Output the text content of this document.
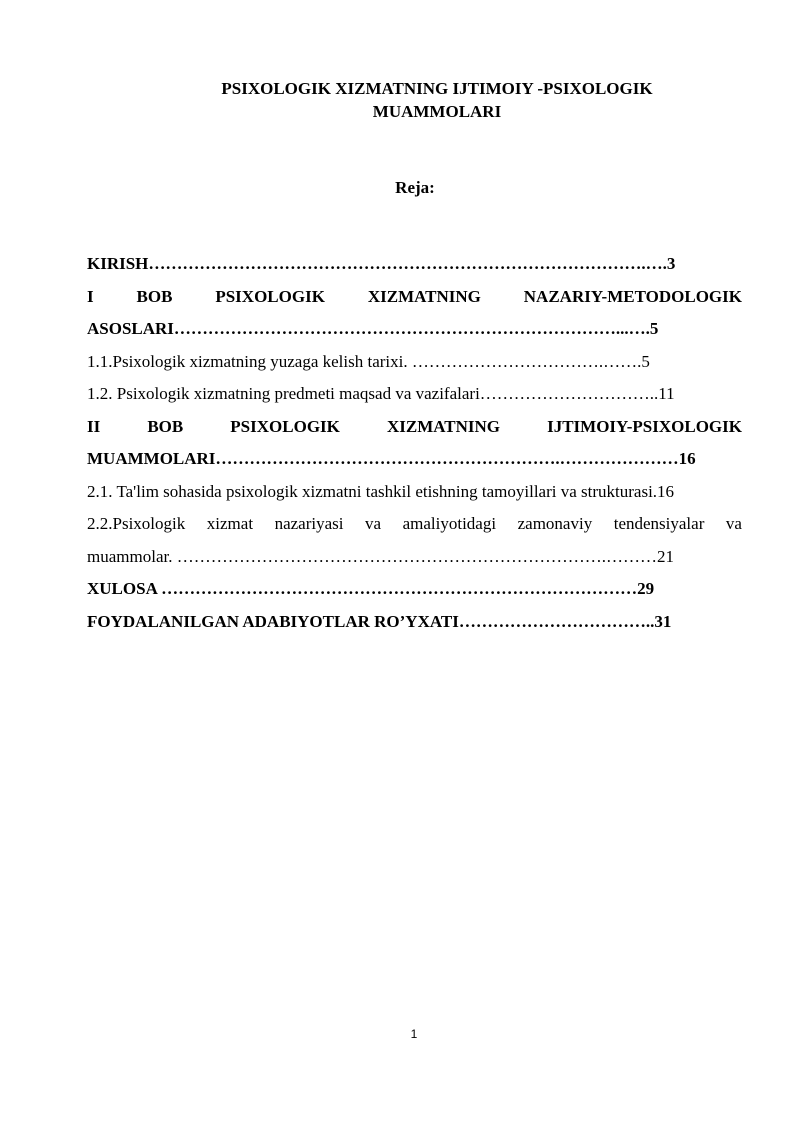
PSIXOLOGIK XIZMATNING IJTIMOIY -PSIXOLOGIK
MUAMMOLARI
Reja:
KIRISH…………………………………………………………………………….….3
I	BOB	PSIXOLOGIK	XIZMATNING	NAZARIY-METODOLOGIK
ASOSLARI……………………………………………………………………...….5
1.1.Psixologik xizmatning yuzaga kelish tarixi. …………………………….…….5
1.2. Psixologik xizmatning predmeti maqsad va vazifalari…………………………..11
II	BOB	PSIXOLOGIK	XIZMATNING	IJTIMOIY-PSIXOLOGIK
MUAMMOLARI…………………………………………………….…………………16
2.1. Ta'lim sohasida psixologik xizmatni tashkil etishning tamoyillari va strukturasi.16
2.2.Psixologik xizmat nazariyasi va amaliyotidagi zamonaviy tendensiyalar va
muammolar. ………………………………………………………………….………21
XULOSA …………………………………………………………………………29
FOYDALANILGAN ADABIYOTLAR RO’YXATI……………………………..31
1
